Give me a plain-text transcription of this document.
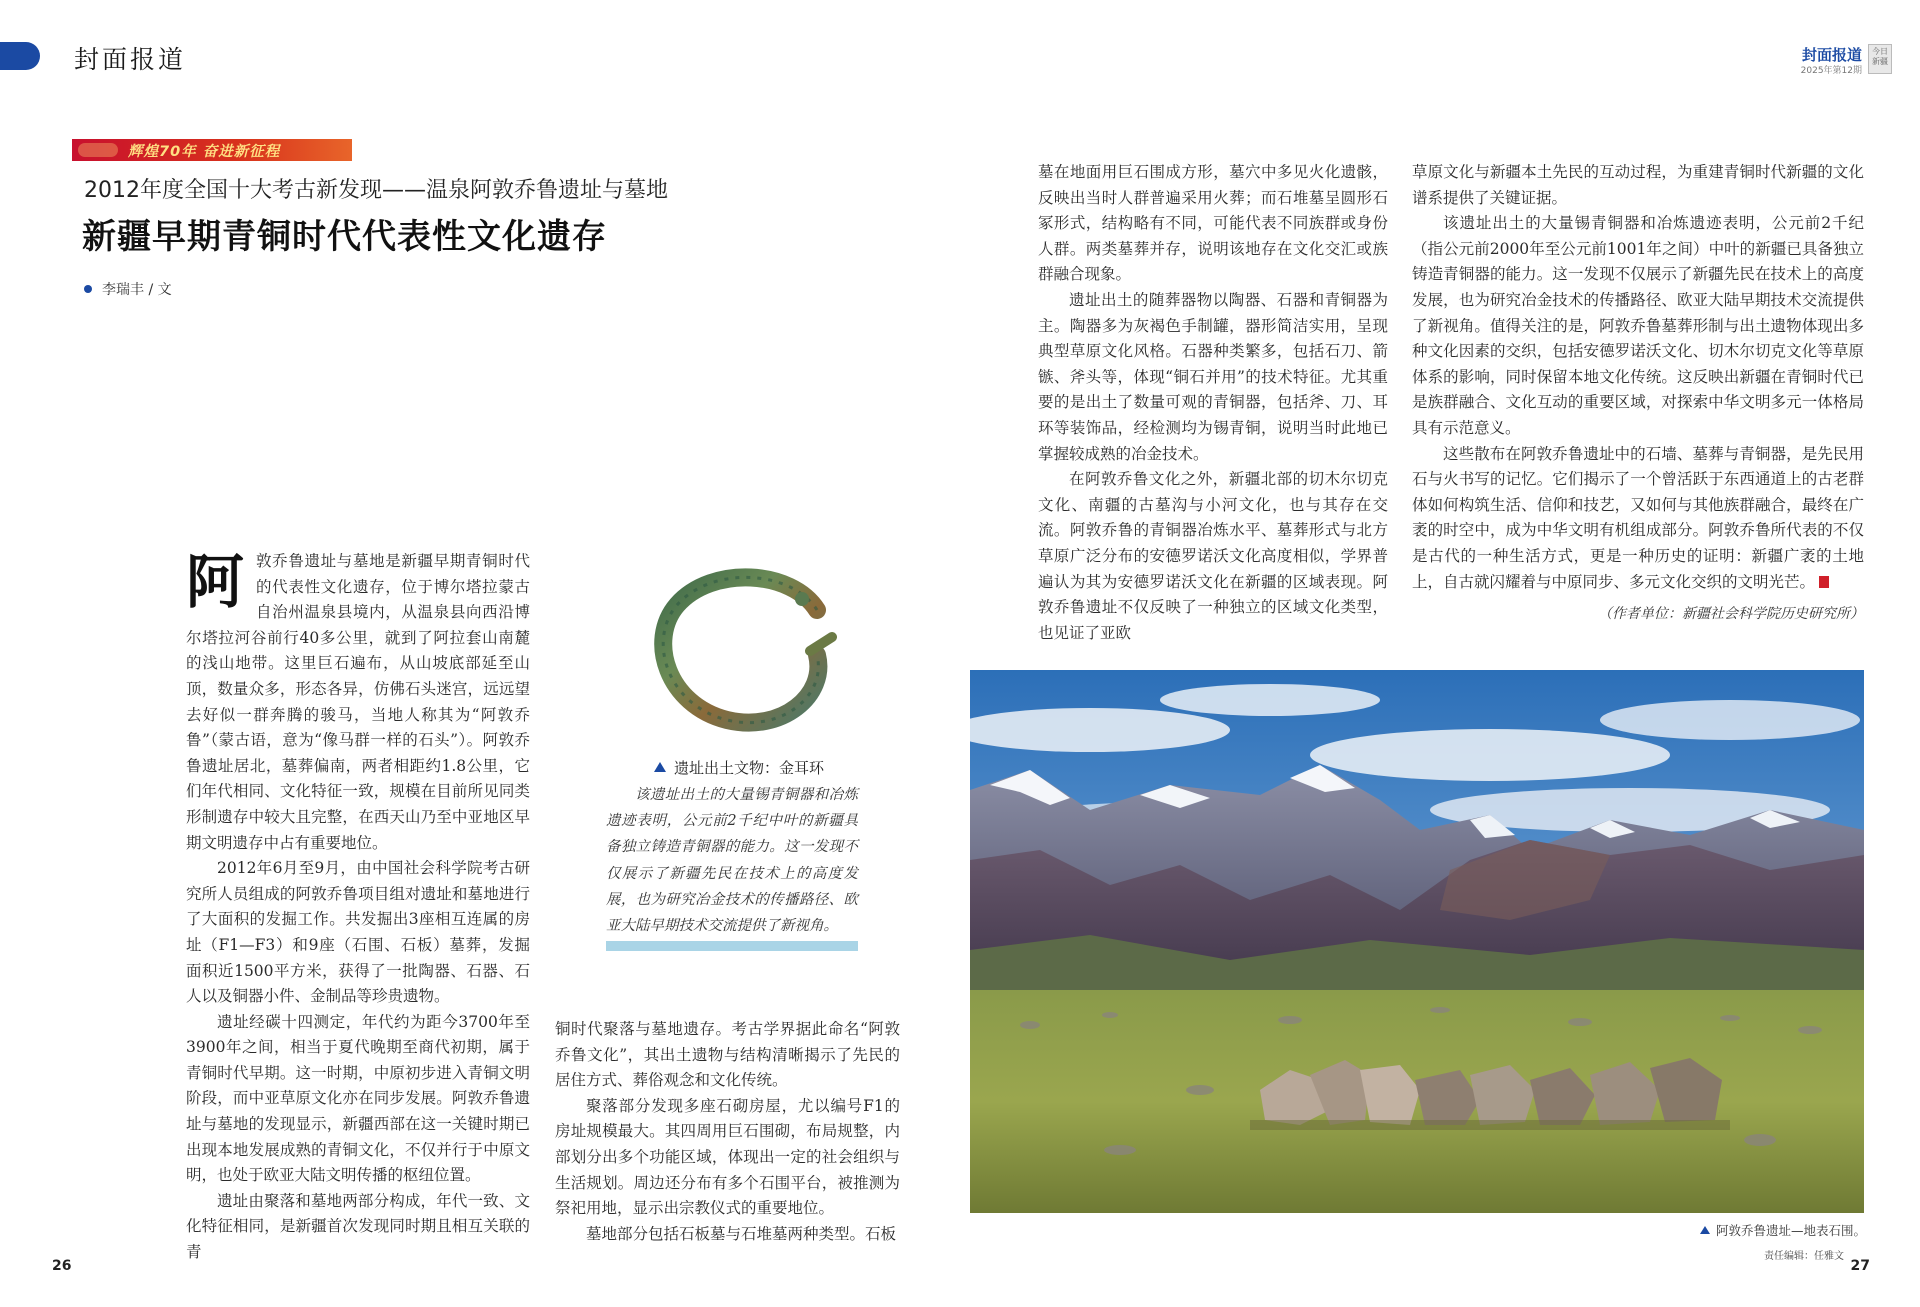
封面报道	封面报道
2025年第12期
今日新疆
辉煌70年 奋进新征程
2012年度全国十大考古新发现——温泉阿敦乔鲁遗址与墓地
新疆早期青铜时代代表性文化遗存
李瑞丰 / 文
阿 敦乔鲁遗址与墓地是新疆早期青铜时代的代表性文化遗存，位于博尔塔拉蒙古自治州温泉县境内，从温泉县向西沿博尔塔拉河谷前行40多公里，就到了阿拉套山南麓的浅山地带。这里巨石遍布，从山坡底部延至山顶，数量众多，形态各异，仿佛石头迷宫，远远望去好似一群奔腾的骏马，当地人称其为“阿敦乔鲁”（蒙古语，意为“像马群一样的石头”）。阿敦乔鲁遗址居北，墓葬偏南，两者相距约1.8公里，它们年代相同、文化特征一致，规模在目前所见同类形制遗存中较大且完整，在西天山乃至中亚地区早期文明遗存中占有重要地位。

2012年6月至9月，由中国社会科学院考古研究所人员组成的阿敦乔鲁项目组对遗址和墓地进行了大面积的发掘工作。共发掘出3座相互连属的房址（F1—F3）和9座（石围、石板）墓葬，发掘面积近1500平方米，获得了一批陶器、石器、石人以及铜器小件、金制品等珍贵遗物。

遗址经碳十四测定，年代约为距今3700年至3900年之间，相当于夏代晚期至商代初期，属于青铜时代早期。这一时期，中原初步进入青铜文明阶段，而中亚草原文化亦在同步发展。阿敦乔鲁遗址与墓地的发现显示，新疆西部在这一关键时期已出现本地发展成熟的青铜文化，不仅并行于中原文明，也处于欧亚大陆文明传播的枢纽位置。

遗址由聚落和墓地两部分构成，年代一致、文化特征相同，是新疆首次发现同时期且相互关联的青

遗址出土文物：金耳环
该遗址出土的大量锡青铜器和冶炼遗迹表明，公元前2千纪中叶的新疆具备独立铸造青铜器的能力。这一发现不仅展示了新疆先民在技术上的高度发展，也为研究冶金技术的传播路径、欧亚大陆早期技术交流提供了新视角。

铜时代聚落与墓地遗存。考古学界据此命名“阿敦乔鲁文化”，其出土遗物与结构清晰揭示了先民的居住方式、葬俗观念和文化传统。

聚落部分发现多座石砌房屋，尤以编号F1的房址规模最大。其四周用巨石围砌，布局规整，内部划分出多个功能区域，体现出一定的社会组织与生活规划。周边还分布有多个石围平台，被推测为祭祀用地，显示出宗教仪式的重要地位。

墓地部分包括石板墓与石堆墓两种类型。石板

墓在地面用巨石围成方形，墓穴中多见火化遗骸，反映出当时人群普遍采用火葬；而石堆墓呈圆形石冢形式，结构略有不同，可能代表不同族群或身份人群。两类墓葬并存，说明该地存在文化交汇或族群融合现象。

遗址出土的随葬器物以陶器、石器和青铜器为主。陶器多为灰褐色手制罐，器形简洁实用，呈现典型草原文化风格。石器种类繁多，包括石刀、箭镞、斧头等，体现“铜石并用”的技术特征。尤其重要的是出土了数量可观的青铜器，包括斧、刀、耳环等装饰品，经检测均为锡青铜，说明当时此地已掌握较成熟的冶金技术。

在阿敦乔鲁文化之外，新疆北部的切木尔切克文化、南疆的古墓沟与小河文化，也与其存在交流。阿敦乔鲁的青铜器冶炼水平、墓葬形式与北方草原广泛分布的安德罗诺沃文化高度相似，学界普遍认为其为安德罗诺沃文化在新疆的区域表现。阿敦乔鲁遗址不仅反映了一种独立的区域文化类型，也见证了亚欧

草原文化与新疆本土先民的互动过程，为重建青铜时代新疆的文化谱系提供了关键证据。

该遗址出土的大量锡青铜器和冶炼遗迹表明，公元前2千纪（指公元前2000年至公元前1001年之间）中叶的新疆已具备独立铸造青铜器的能力。这一发现不仅展示了新疆先民在技术上的高度发展，也为研究冶金技术的传播路径、欧亚大陆早期技术交流提供了新视角。值得关注的是，阿敦乔鲁墓葬形制与出土遗物体现出多种文化因素的交织，包括安德罗诺沃文化、切木尔切克文化等草原体系的影响，同时保留本地文化传统。这反映出新疆在青铜时代已是族群融合、文化互动的重要区域，对探索中华文明多元一体格局具有示范意义。

这些散布在阿敦乔鲁遗址中的石墙、墓葬与青铜器，是先民用石与火书写的记忆。它们揭示了一个曾活跃于东西通道上的古老群体如何构筑生活、信仰和技艺，又如何与其他族群融合，最终在广袤的时空中，成为中华文明有机组成部分。阿敦乔鲁所代表的不仅是古代的一种生活方式，更是一种历史的证明：新疆广袤的土地上，自古就闪耀着与中原同步、多元文化交织的文明光芒。

（作者单位：新疆社会科学院历史研究所）
阿敦乔鲁遗址—地表石围。
26
责任编辑：任雅文
27
